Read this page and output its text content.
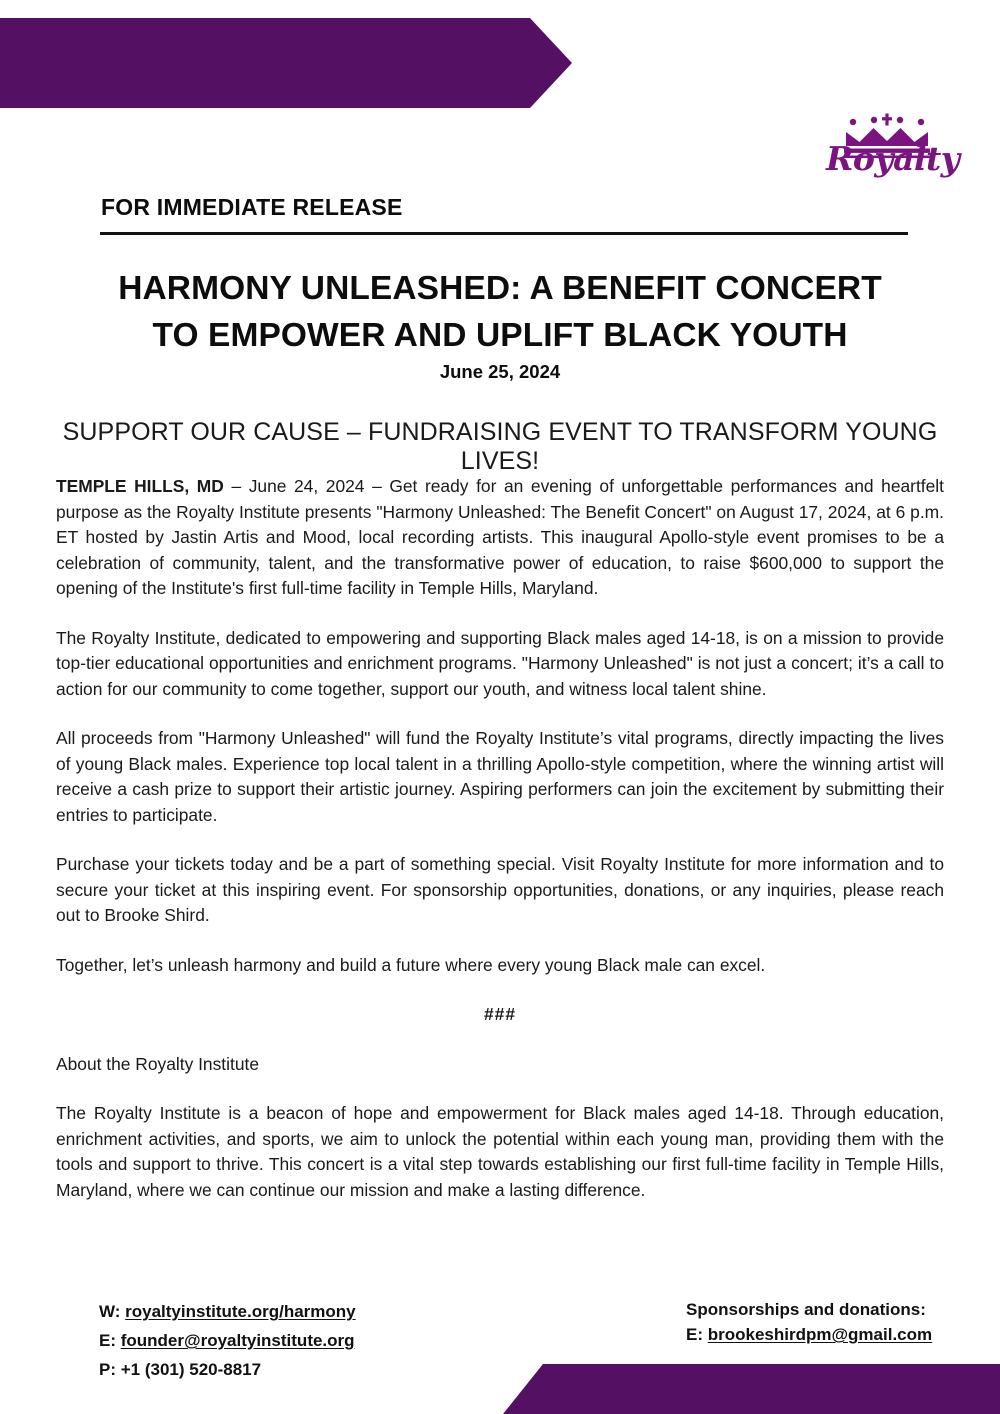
Royalty
FOR IMMEDIATE RELEASE
HARMONY UNLEASHED: A BENEFIT CONCERT
TO EMPOWER AND UPLIFT BLACK YOUTH
June 25, 2024
SUPPORT OUR CAUSE – FUNDRAISING EVENT TO TRANSFORM YOUNG LIVES!

TEMPLE HILLS, MD – June 24, 2024 – Get ready for an evening of unforgettable performances and heartfelt purpose as the Royalty Institute presents "Harmony Unleashed: The Benefit Concert" on August 17, 2024, at 6 p.m. ET hosted by Jastin Artis and Mood, local recording artists. This inaugural Apollo-style event promises to be a celebration of community, talent, and the transformative power of education, to raise $600,000 to support the opening of the Institute's first full-time facility in Temple Hills, Maryland.

The Royalty Institute, dedicated to empowering and supporting Black males aged 14-18, is on a mission to provide top-tier educational opportunities and enrichment programs. "Harmony Unleashed" is not just a concert; it’s a call to action for our community to come together, support our youth, and witness local talent shine.

All proceeds from "Harmony Unleashed" will fund the Royalty Institute’s vital programs, directly impacting the lives of young Black males. Experience top local talent in a thrilling Apollo-style competition, where the winning artist will receive a cash prize to support their artistic journey. Aspiring performers can join the excitement by submitting their entries to participate.

Purchase your tickets today and be a part of something special. Visit Royalty Institute for more information and to secure your ticket at this inspiring event. For sponsorship opportunities, donations, or any inquiries, please reach out to Brooke Shird.

Together, let’s unleash harmony and build a future where every young Black male can excel.

###

About the Royalty Institute

The Royalty Institute is a beacon of hope and empowerment for Black males aged 14-18. Through education, enrichment activities, and sports, we aim to unlock the potential within each young man, providing them with the tools and support to thrive. This concert is a vital step towards establishing our first full-time facility in Temple Hills, Maryland, where we can continue our mission and make a lasting difference.

W: royaltyinstitute.org/harmony
E: founder@royaltyinstitute.org
P: +1 (301) 520-8817
Sponsorships and donations:
E: brookeshirdpm@gmail.com
